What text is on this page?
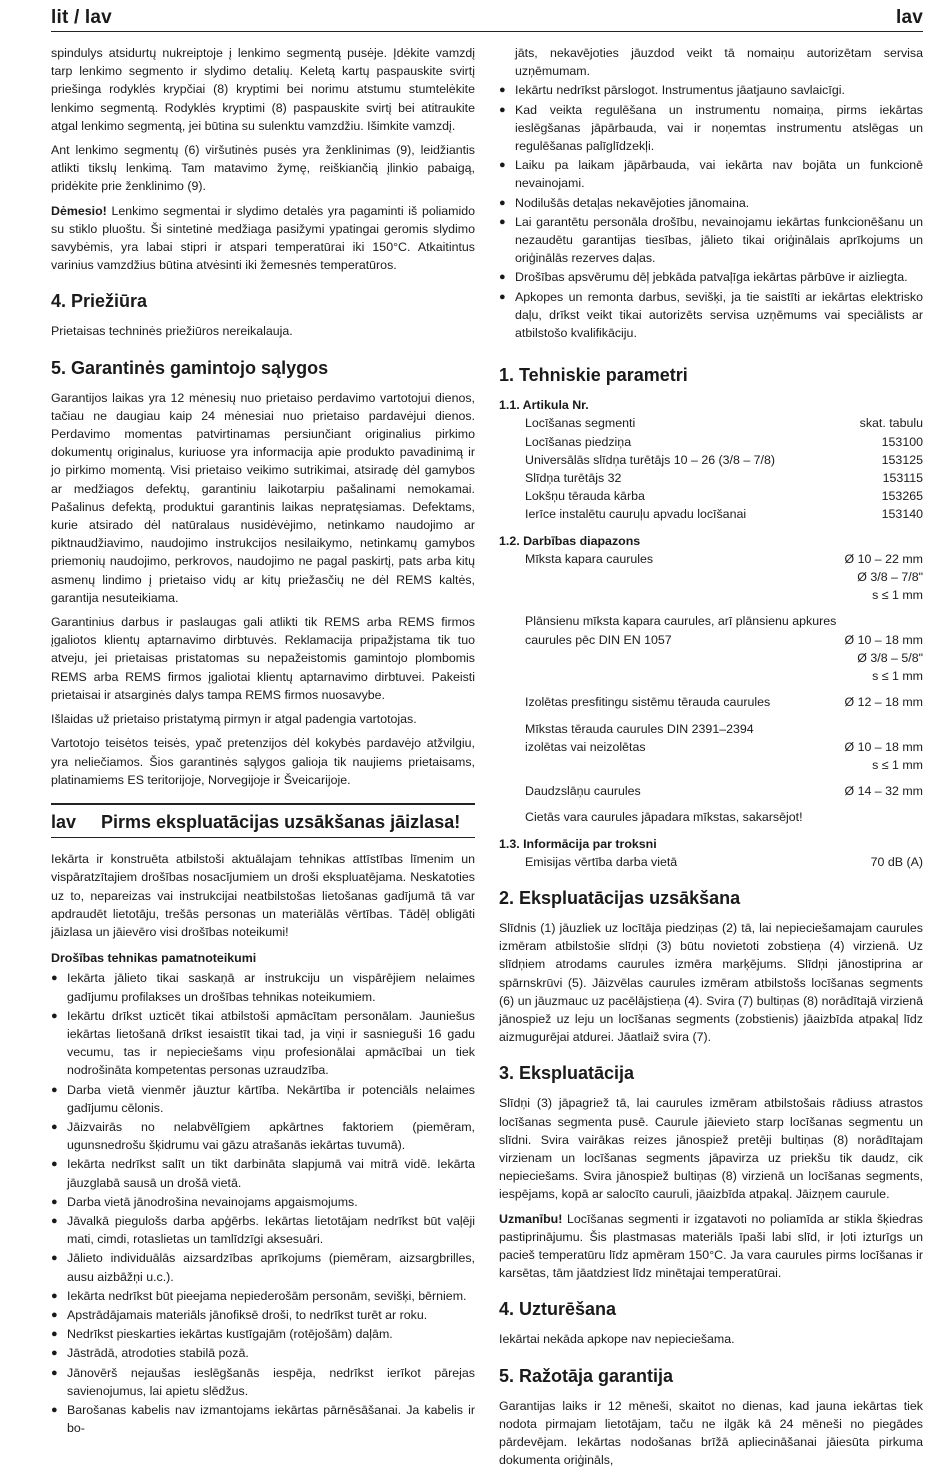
lit / lav	lav

spindulys atsidurtų nukreiptoje į lenkimo segmentą pusėje. Įdėkite vamzdį tarp lenkimo segmento ir slydimo detalių. Keletą kartų paspauskite svirtį priešinga rodyklės krypčiai (8) kryptimi bei norimu atstumu stumtelėkite lenkimo segmentą. Rodyklės kryptimi (8) paspauskite svirtį bei atitraukite atgal lenkimo segmentą, jei būtina su sulenktu vamzdžiu. Išimkite vamzdį.

Ant lenkimo segmentų (6) viršutinės pusės yra ženklinimas (9), leidžiantis atlikti tikslų lenkimą. Tam matavimo žymę, reiškiančią įlinkio pabaigą, pridėkite prie ženklinimo (9).

Dėmesio! Lenkimo segmentai ir slydimo detalės yra pagaminti iš poliamido su stiklo pluoštu. Ši sintetinė medžiaga pasižymi ypatingai geromis slydimo savybėmis, yra labai stipri ir atspari temperatūrai iki 150°C. Atkaitintus varinius vamzdžius būtina atvėsinti iki žemesnės temperatūros.

4. Priežiūra

Prietaisas techninės priežiūros nereikalauja.

5. Garantinės gamintojo sąlygos

Garantijos laikas yra 12 mėnesių nuo prietaiso perdavimo vartotojui dienos, tačiau ne daugiau kaip 24 mėnesiai nuo prietaiso pardavėjui dienos. Perdavimo momentas patvirtinamas persiunčiant originalius pirkimo dokumentų originalus, kuriuose yra informacija apie produkto pavadinimą ir jo pirkimo momentą. Visi prietaiso veikimo sutrikimai, atsiradę dėl gamybos ar medžiagos defektų, garantiniu laikotarpiu pašalinami nemokamai. Pašalinus defektą, produktui garantinis laikas nepratęsiamas. Defektams, kurie atsirado dėl natūralaus nusidėvėjimo, netinkamo naudojimo ar piktnaudžiavimo, naudojimo instrukcijos nesilaikymo, netinkamų gamybos priemonių naudojimo, perkrovos, naudojimo ne pagal paskirtį, pats arba kitų asmenų lindimo į prietaiso vidų ar kitų priežasčių ne dėl REMS kaltės, garantija nesuteikiama.

Garantinius darbus ir paslaugas gali atlikti tik REMS arba REMS firmos įgaliotos klientų aptarnavimo dirbtuvės. Reklamacija pripažįstama tik tuo atveju, jei prietaisas pristatomas su nepažeistomis gamintojo plombomis REMS arba REMS firmos įgaliotai klientų aptarnavimo dirbtuvei. Pakeisti prietaisai ir atsarginės dalys tampa REMS firmos nuosavybe.

Išlaidas už prietaiso pristatymą pirmyn ir atgal padengia vartotojas.

Vartotojo teisėtos teisės, ypač pretenzijos dėl kokybės pardavėjo atžvilgiu, yra neliečiamos. Šios garantinės sąlygos galioja tik naujiems prietaisams, platinamiems ES teritorijoje, Norvegijoje ir Šveicarijoje.

lav	Pirms ekspluatācijas uzsākšanas jāizlasa!

Iekārta ir konstruēta atbilstoši aktuālajam tehnikas attīstības līmenim un vispāratzītajiem drošības nosacījumiem un droši ekspluatējama. Neskatoties uz to, nepareizas vai instrukcijai neatbilstošas lietošanas gadījumā tā var apdraudēt lietotāju, trešās personas un materiālās vērtības. Tādēļ obligāti jāizlasa un jāievēro visi drošības noteikumi!

Drošības tehnikas pamatnoteikumi
● Iekārta jālieto tikai saskaņā ar instrukciju un vispārējiem nelaimes gadījumu profilakses un drošības tehnikas noteikumiem.
● Iekārtu drīkst uzticēt tikai atbilstoši apmācītam personālam. Jauniešus iekārtas lietošanā drīkst iesaistīt tikai tad, ja viņi ir sasnieguši 16 gadu vecumu, tas ir nepieciešams viņu profesionālai apmācībai un tiek nodrošināta kompetentas personas uzraudzība.
● Darba vietā vienmēr jāuztur kārtība. Nekārtība ir potenciāls nelaimes gadījumu cēlonis.
● Jāizvairās no nelabvēlīgiem apkārtnes faktoriem (piemēram, ugunsnedrošu šķidrumu vai gāzu atrašanās iekārtas tuvumā).
● Iekārta nedrīkst salīt un tikt darbināta slapjumā vai mitrā vidē. Iekārta jāuzglabā sausā un drošā vietā.
● Darba vietā jānodrošina nevainojams apgaismojums.
● Jāvalkā piegulošs darba apģērbs. Iekārtas lietotājam nedrīkst būt vaļēji mati, cimdi, rotaslietas un tamlīdzīgi aksesuāri.
● Jālieto individuālās aizsardzības aprīkojums (piemēram, aizsargbrilles, ausu aizbāžņi u.c.).
● Iekārta nedrīkst būt pieejama nepiederošām personām, sevišķi, bērniem.
● Apstrādājamais materiāls jānofiksē droši, to nedrīkst turēt ar roku.
● Nedrīkst pieskarties iekārtas kustīgajām (rotējošām) daļām.
● Jāstrādā, atrodoties stabilā pozā.
● Jānovērš nejaušas ieslēgšanās iespēja, nedrīkst ierīkot pārejas savienojumus, lai apietu slēdžus.
● Barošanas kabelis nav izmantojams iekārtas pārnēsāšanai. Ja kabelis ir bo-

jāts, nekavējoties jāuzdod veikt tā nomaiņu autorizētam servisa uzņēmumam.

● Iekārtu nedrīkst pārslogot. Instrumentus jāatjauno savlaicīgi.
● Kad veikta regulēšana un instrumentu nomaiņa, pirms iekārtas ieslēgšanas jāpārbauda, vai ir noņemtas instrumentu atslēgas un regulēšanas palīglīdzekļi.
● Laiku pa laikam jāpārbauda, vai iekārta nav bojāta un funkcionē nevainojami.
● Nodilušās detaļas nekavējoties jānomaina.
● Lai garantētu personāla drošību, nevainojamu iekārtas funkcionēšanu un nezaudētu garantijas tiesības, jālieto tikai oriģinālais aprīkojums un oriģinālās rezerves daļas.
● Drošības apsvērumu dēļ jebkāda patvaļīga iekārtas pārbūve ir aizliegta.
● Apkopes un remonta darbus, sevišķi, ja tie saistīti ar iekārtas elektrisko daļu, drīkst veikt tikai autorizēts servisa uzņēmums vai speciālists ar atbilstošo kvalifikāciju.
1. Tehniskie parametri
1.1. Artikula Nr.
Locīšanas segmenti	skat. tabulu
Locīšanas piedziņa	153100
Universālās slīdņa turētājs 10 – 26 (3/8 – 7/8)	153125
Slīdņa turētājs 32	153115
Lokšņu tērauda kārba	153265
Ierīce instalētu cauruļu apvadu locīšanai	153140
1.2. Darbības diapazons
Mīksta kapara caurules	Ø 10 – 22 mm
Ø 3/8 – 7/8"
s ≤ 1 mm
Plānsienu mīksta kapara caurules, arī plānsienu apkures
caurules pēc DIN EN 1057	Ø 10 – 18 mm
Ø 3/8 – 5/8"
s ≤ 1 mm
Izolētas presfitingu sistēmu tērauda caurules	Ø 12 – 18 mm
Mīkstas tērauda caurules DIN 2391–2394
izolētas vai neizolētas	Ø 10 – 18 mm
s ≤ 1 mm
Daudzslāņu caurules	Ø 14 – 32 mm
Cietās vara caurules jāpadara mīkstas, sakarsējot!
1.3. Informācija par troksni
Emisijas vērtība darba vietā	70 dB (A)
2. Ekspluatācijas uzsākšana

Slīdnis (1) jāuzliek uz locītāja piedziņas (2) tā, lai nepieciešamajam caurules izmēram atbilstošie slīdņi (3) būtu novietoti zobstieņa (4) virzienā. Uz slīdņiem atrodams caurules izmēra marķējums. Slīdņi jānostiprina ar spārnskrūvi (5). Jāizvēlas caurules izmēram atbilstošs locīšanas segments (6) un jāuzmauc uz pacēlājstieņa (4). Svira (7) bultiņas (8) norādītajā virzienā jānospiež uz leju un locīšanas segments (zobstienis) jāaizbīda atpakaļ līdz aizmugurējai atdurei. Jāatlaiž svira (7).

3. Ekspluatācija

Slīdņi (3) jāpagriež tā, lai caurules izmēram atbilstošais rādiuss atrastos locīšanas segmenta pusē. Caurule jāievieto starp locīšanas segmentu un slīdni. Svira vairākas reizes jānospiež pretēji bultiņas (8) norādītajam virzienam un locīšanas segments jāpavirza uz priekšu tik daudz, cik nepieciešams. Svira jānospiež bultiņas (8) virzienā un locīšanas segments, iespējams, kopā ar salocīto cauruli, jāaizbīda atpakaļ. Jāizņem caurule.

Uzmanību! Locīšanas segmenti ir izgatavoti no poliamīda ar stikla šķiedras pastiprinājumu. Šis plastmasas materiāls īpaši labi slīd, ir ļoti izturīgs un pacieš temperatūru līdz apmēram 150°C. Ja vara caurules pirms locīšanas ir karsētas, tām jāatdziest līdz minētajai temperatūrai.

4. Uzturēšana

Iekārtai nekāda apkope nav nepieciešama.

5. Ražotāja garantija

Garantijas laiks ir 12 mēneši, skaitot no dienas, kad jauna iekārtas tiek nodota pirmajam lietotājam, taču ne ilgāk kā 24 mēneši no piegādes pārdevējam. Iekārtas nodošanas brīžā apliecināšanai jāiesūta pirkuma dokumenta oriģināls,
